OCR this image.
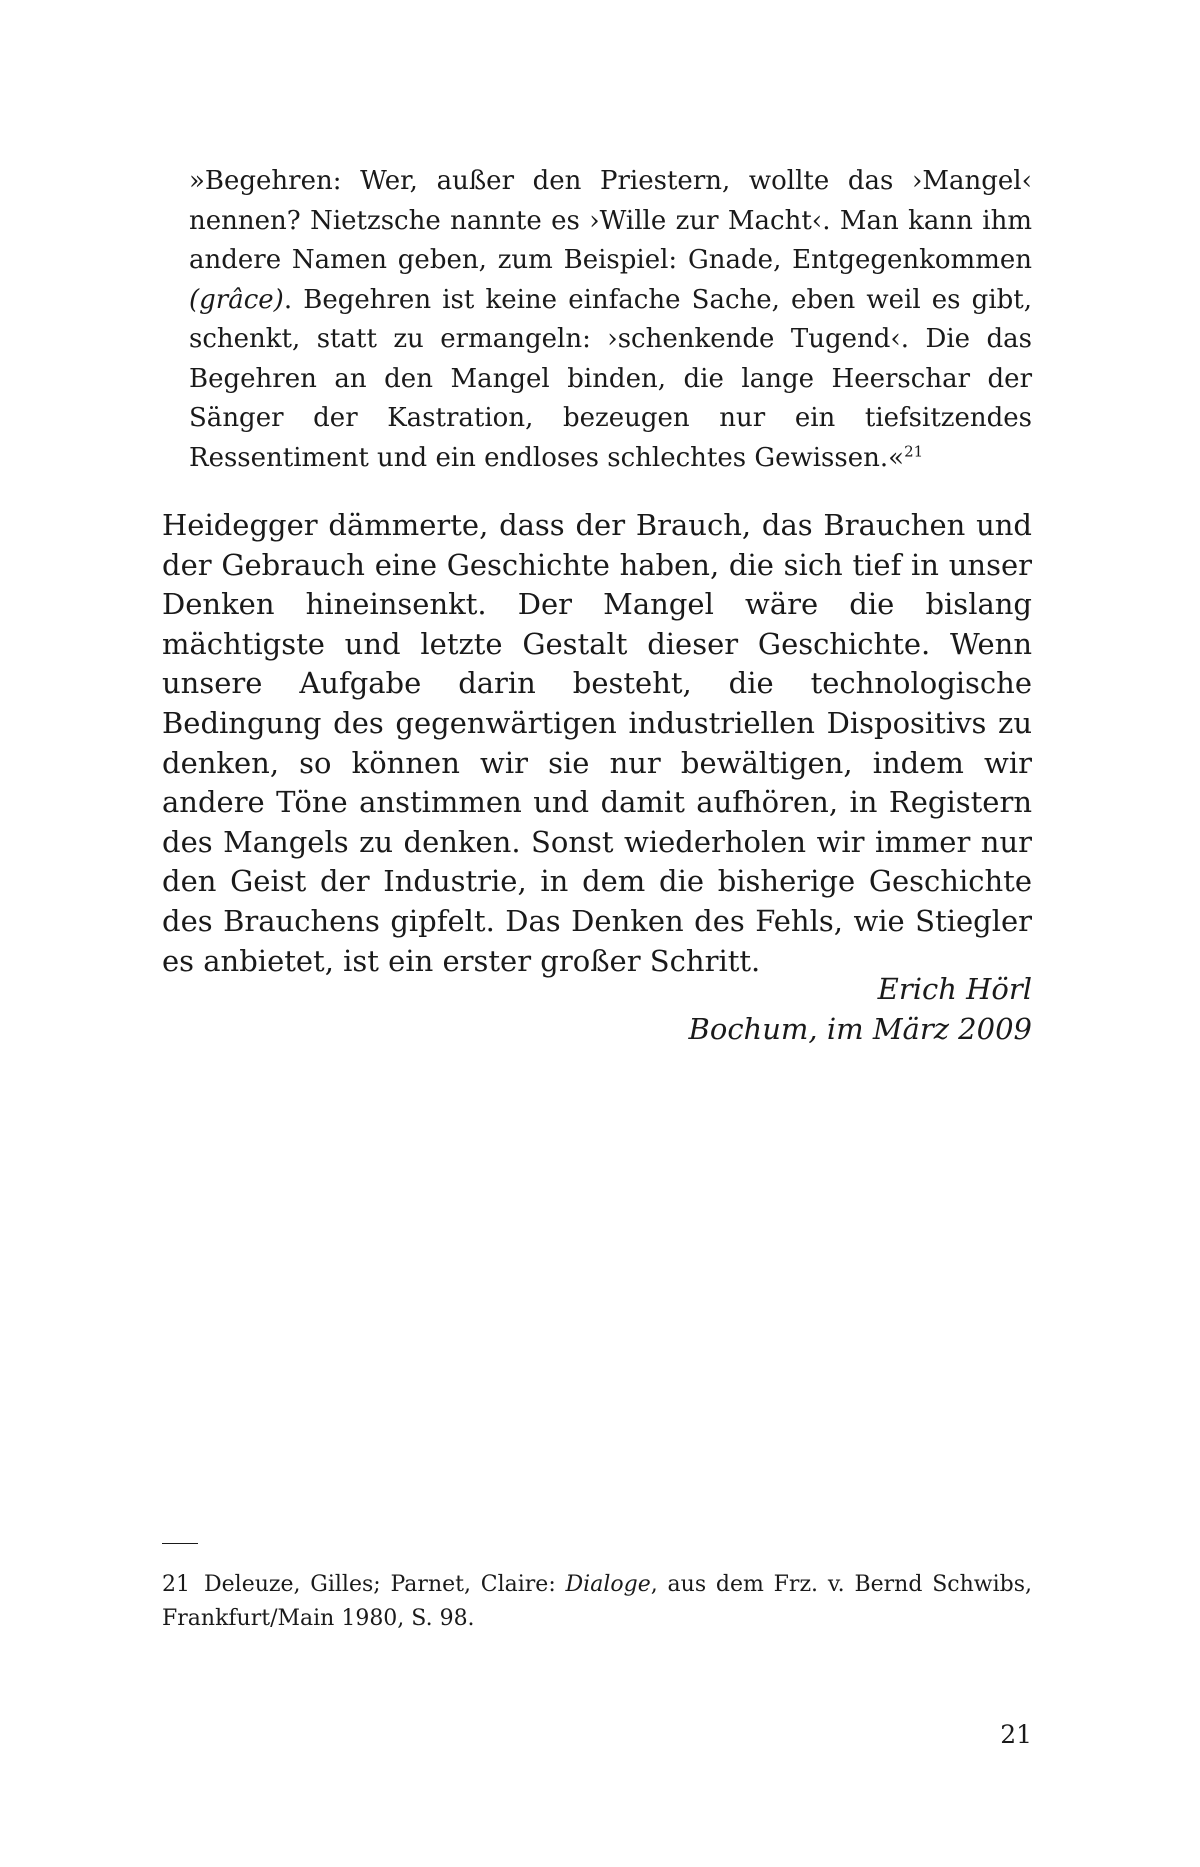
»Begehren: Wer, außer den Priestern, wollte das ›Mangel‹ nennen? Nietzsche nannte es ›Wille zur Macht‹. Man kann ihm andere Namen geben, zum Beispiel: Gnade, Entgegenkommen (grâce). Begehren ist keine einfache Sache, eben weil es gibt, schenkt, statt zu ermangeln: ›schenkende Tugend‹. Die das Begehren an den Mangel binden, die lange Heerschar der Sänger der Kastration, bezeugen nur ein tiefsitzendes Ressentiment und ein endloses schlechtes Gewissen.«$^{21}$
Heidegger dämmerte, dass der Brauch, das Brauchen und der Gebrauch eine Geschichte haben, die sich tief in unser Denken hineinsenkt. Der Mangel wäre die bislang mächtigste und letzte Gestalt dieser Geschichte. Wenn unsere Aufgabe darin besteht, die technologische Bedingung des gegenwärtigen industriellen Dispositivs zu denken, so können wir sie nur bewältigen, indem wir andere Töne anstimmen und damit aufhören, in Registern des Mangels zu denken. Sonst wiederholen wir immer nur den Geist der Industrie, in dem die bisherige Geschichte des Brauchens gipfelt. Das Denken des Fehls, wie Stiegler es anbietet, ist ein erster großer Schritt.
Erich Hörl
Bochum, im März 2009
21 Deleuze, Gilles; Parnet, Claire: Dialoge, aus dem Frz. v. Bernd Schwibs, Frankfurt/Main 1980, S. 98.
21
